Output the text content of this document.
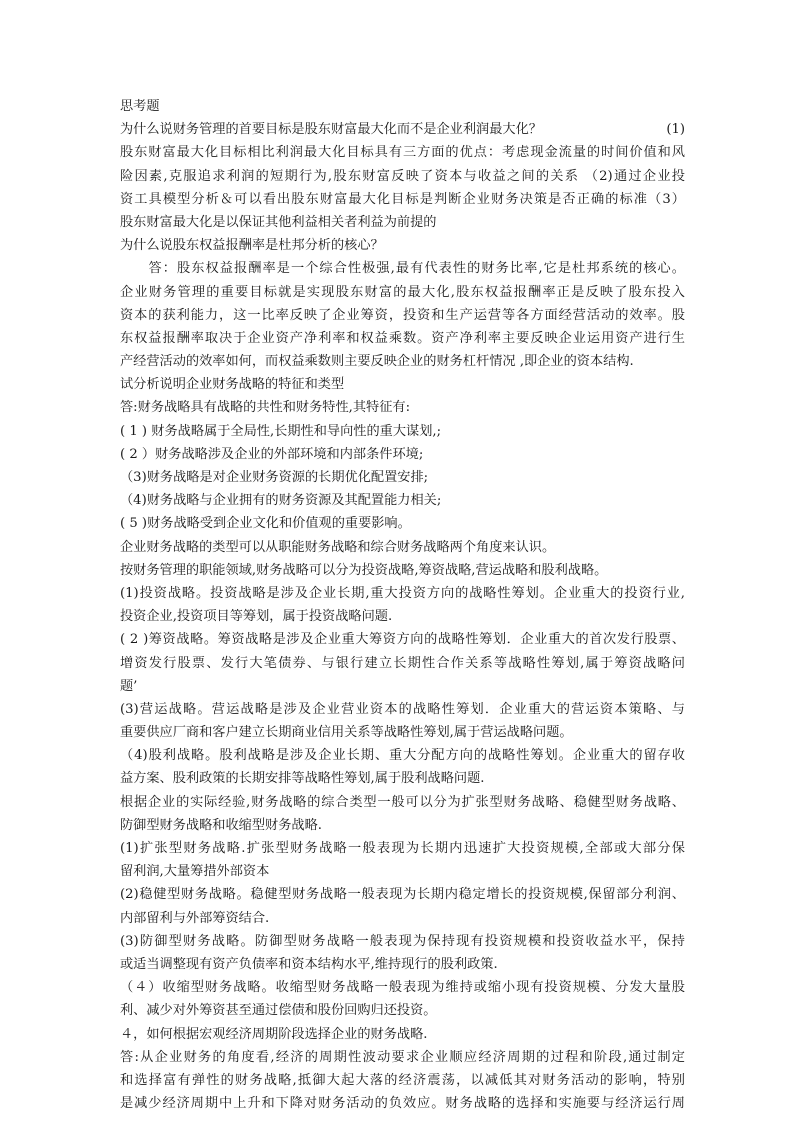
思考题
为什么说财务管理的首要目标是股东财富最大化而不是企业利润最大化？	(1)
股东财富最大化目标相比利润最大化目标具有三方面的优点：考虑现金流量的时间价值和风
险因素,克服追求利润的短期行为,股东财富反映了资本与收益之间的关系 （2)通过企业投
资工具模型分析＆可以看出股东财富最大化目标是判断企业财务决策是否正确的标准（3）
股东财富最大化是以保证其他利益相关者利益为前提的
为什么说股东权益报酬率是杜邦分析的核心？
　　答：股东权益报酬率是一个综合性极强,最有代表性的财务比率,它是杜邦系统的核心。
企业财务管理的重要目标就是实现股东财富的最大化,股东权益报酬率正是反映了股东投入
资本的获利能力，这一比率反映了企业筹资，投资和生产运营等各方面经营活动的效率。股
东权益报酬率取决于企业资产净利率和权益乘数。资产净利率主要反映企业运用资产进行生
产经营活动的效率如何，而权益乘数则主要反映企业的财务杠杆情况 ,即企业的资本结构.
试分析说明企业财务战略的特征和类型
答:财务战略具有战略的共性和财务特性,其特征有:
( 1 ) 财务战略属于全局性,长期性和导向性的重大谋划,;
( 2 ）财务战略涉及企业的外部环境和内部条件环境;
（3)财务战略是对企业财务资源的长期优化配置安排;
（4)财务战略与企业拥有的财务资源及其配置能力相关;
( 5 )财务战略受到企业文化和价值观的重要影响。
企业财务战略的类型可以从职能财务战略和综合财务战略两个角度来认识。
按财务管理的职能领域,财务战略可以分为投资战略,筹资战略,营运战略和股利战略。
(1)投资战略。投资战略是涉及企业长期,重大投资方向的战略性筹划。企业重大的投资行业,
投资企业,投资项目等筹划，属于投资战略问题.
( 2 )筹资战略。筹资战略是涉及企业重大筹资方向的战略性筹划．企业重大的首次发行股票、
增资发行股票、发行大笔债券、与银行建立长期性合作关系等战略性筹划,属于筹资战略问
题’
(3)营运战略。营运战略是涉及企业营业资本的战略性筹划．企业重大的营运资本策略、与
重要供应厂商和客户建立长期商业信用关系等战略性筹划,属于营运战略问题。
（4)股利战略。股利战略是涉及企业长期、重大分配方向的战略性筹划。企业重大的留存收
益方案、股利政策的长期安排等战略性筹划,属于股利战略问题.
根据企业的实际经验,财务战略的综合类型一般可以分为扩张型财务战略、稳健型财务战略、
防御型财务战略和收缩型财务战略.
(1)扩张型财务战略.扩张型财务战略一般表现为长期内迅速扩大投资规模,全部或大部分保
留利润,大量筹措外部资本
(2)稳健型财务战略。稳健型财务战略一般表现为长期内稳定增长的投资规模,保留部分利润、
内部留利与外部筹资结合.
(3)防御型财务战略。防御型财务战略一般表现为保持现有投资规模和投资收益水平，保持
或适当调整现有资产负债率和资本结构水平,维持现行的股利政策.
（４）收缩型财务战略。收缩型财务战略一般表现为维持或缩小现有投资规模、分发大量股
利、减少对外筹资甚至通过偿债和股份回购归还投资。
４，如何根据宏观经济周期阶段选择企业的财务战略.
答:从企业财务的角度看,经济的周期性波动要求企业顺应经济周期的过程和阶段,通过制定
和选择富有弹性的财务战略,抵御大起大落的经济震荡，以减低其对财务活动的影响，特别
是减少经济周期中上升和下降对财务活动的负效应。财务战略的选择和实施要与经济运行周
